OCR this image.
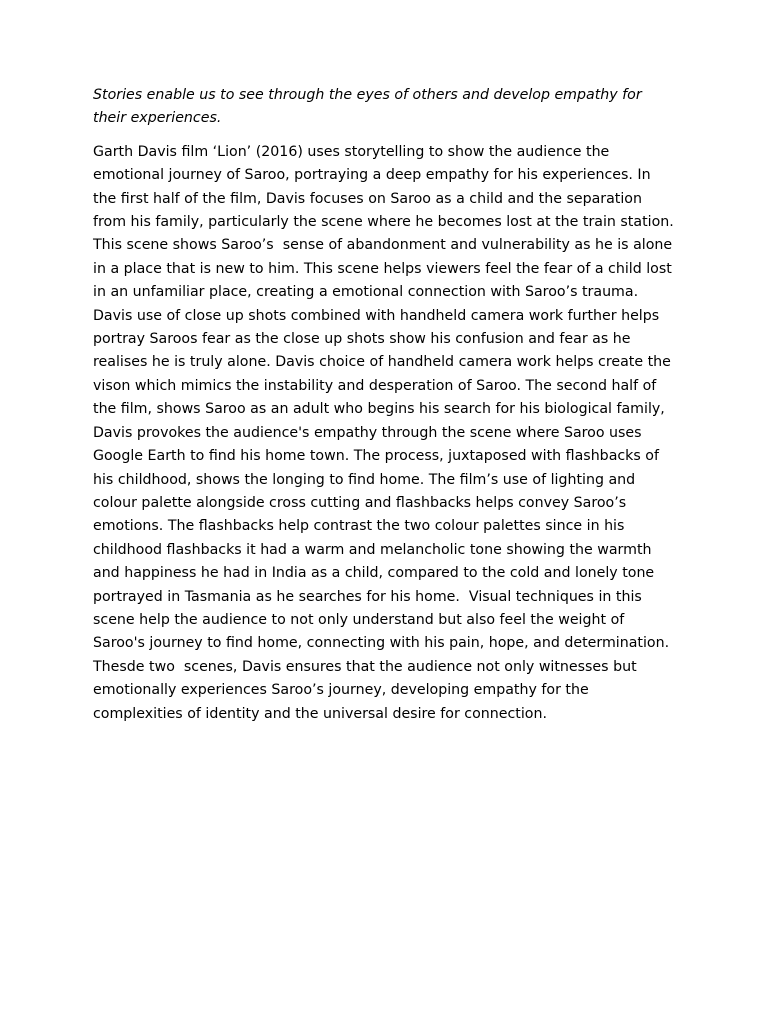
Stories enable us to see through the eyes of others and develop empathy for
their experiences.

Garth Davis film ‘Lion’ (2016) uses storytelling to show the audience the
emotional journey of Saroo, portraying a deep empathy for his experiences. In
the first half of the film, Davis focuses on Saroo as a child and the separation
from his family, particularly the scene where he becomes lost at the train station.
This scene shows Saroo’s  sense of abandonment and vulnerability as he is alone
in a place that is new to him. This scene helps viewers feel the fear of a child lost
in an unfamiliar place, creating a emotional connection with Saroo’s trauma.
Davis use of close up shots combined with handheld camera work further helps
portray Saroos fear as the close up shots show his confusion and fear as he
realises he is truly alone. Davis choice of handheld camera work helps create the
vison which mimics the instability and desperation of Saroo. The second half of
the film, shows Saroo as an adult who begins his search for his biological family,
Davis provokes the audience's empathy through the scene where Saroo uses
Google Earth to find his home town. The process, juxtaposed with flashbacks of
his childhood, shows the longing to find home. The film’s use of lighting and
colour palette alongside cross cutting and flashbacks helps convey Saroo’s
emotions. The flashbacks help contrast the two colour palettes since in his
childhood flashbacks it had a warm and melancholic tone showing the warmth
and happiness he had in India as a child, compared to the cold and lonely tone
portrayed in Tasmania as he searches for his home.  Visual techniques in this
scene help the audience to not only understand but also feel the weight of
Saroo's journey to find home, connecting with his pain, hope, and determination.
Thesde two  scenes, Davis ensures that the audience not only witnesses but
emotionally experiences Saroo’s journey, developing empathy for the
complexities of identity and the universal desire for connection.
